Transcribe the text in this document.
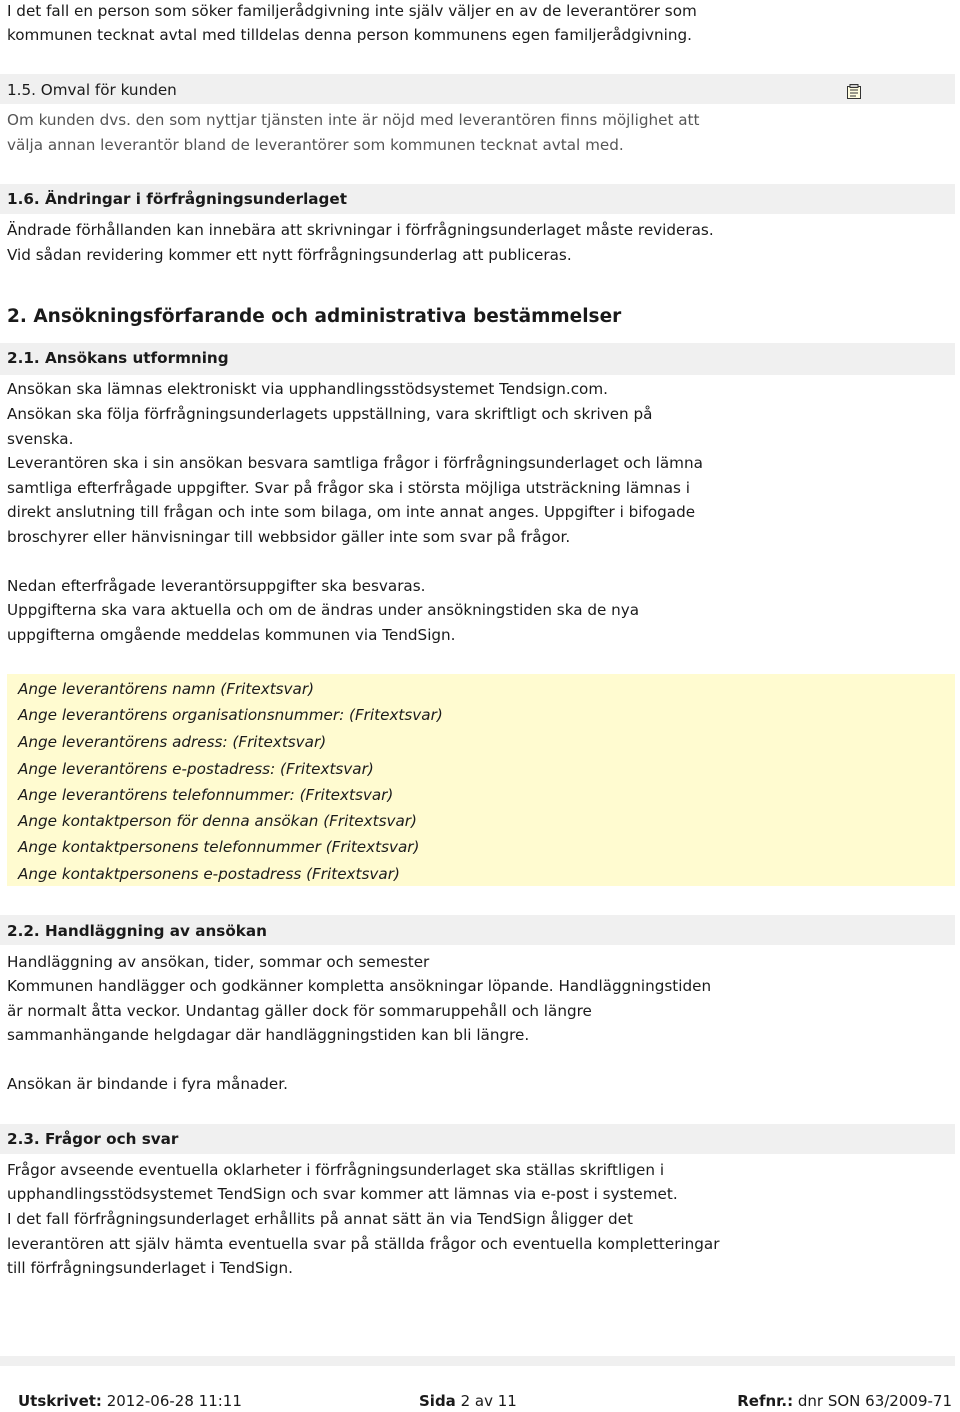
I det fall en person som söker familjerådgivning inte själv väljer en av de leverantörer som
kommunen tecknat avtal med tilldelas denna person kommunens egen familjerådgivning.
1.5. Omval för kunden
Om kunden dvs. den som nyttjar tjänsten inte är nöjd med leverantören finns möjlighet att
välja annan leverantör bland de leverantörer som kommunen tecknat avtal med.
1.6. Ändringar i förfrågningsunderlaget
Ändrade förhållanden kan innebära att skrivningar i förfrågningsunderlaget måste revideras.
Vid sådan revidering kommer ett nytt förfrågningsunderlag att publiceras.
2. Ansökningsförfarande och administrativa bestämmelser
2.1. Ansökans utformning
Ansökan ska lämnas elektroniskt via upphandlingsstödsystemet Tendsign.com.
Ansökan ska följa förfrågningsunderlagets uppställning, vara skriftligt och skriven på
svenska.
Leverantören ska i sin ansökan besvara samtliga frågor i förfrågningsunderlaget och lämna
samtliga efterfrågade uppgifter. Svar på frågor ska i största möjliga utsträckning lämnas i
direkt anslutning till frågan och inte som bilaga, om inte annat anges. Uppgifter i bifogade
broschyrer eller hänvisningar till webbsidor gäller inte som svar på frågor.
Nedan efterfrågade leverantörsuppgifter ska besvaras.
Uppgifterna ska vara aktuella och om de ändras under ansökningstiden ska de nya
uppgifterna omgående meddelas kommunen via TendSign.
Ange leverantörens namn (Fritextsvar)
Ange leverantörens organisationsnummer: (Fritextsvar)
Ange leverantörens adress: (Fritextsvar)
Ange leverantörens e-postadress: (Fritextsvar)
Ange leverantörens telefonnummer: (Fritextsvar)
Ange kontaktperson för denna ansökan (Fritextsvar)
Ange kontaktpersonens telefonnummer (Fritextsvar)
Ange kontaktpersonens e-postadress (Fritextsvar)
2.2. Handläggning av ansökan
Handläggning av ansökan, tider, sommar och semester
Kommunen handlägger och godkänner kompletta ansökningar löpande. Handläggningstiden
är normalt åtta veckor. Undantag gäller dock för sommaruppehåll och längre
sammanhängande helgdagar där handläggningstiden kan bli längre.
Ansökan är bindande i fyra månader.
2.3. Frågor och svar
Frågor avseende eventuella oklarheter i förfrågningsunderlaget ska ställas skriftligen i
upphandlingsstödsystemet TendSign och svar kommer att lämnas via e-post i systemet.
I det fall förfrågningsunderlaget erhållits på annat sätt än via TendSign åligger det
leverantören att själv hämta eventuella svar på ställda frågor och eventuella kompletteringar
till förfrågningsunderlaget i TendSign.
Utskrivet: 2012-06-28 11:11	Sida 2 av 11	Refnr.: dnr SON 63/2009-71
